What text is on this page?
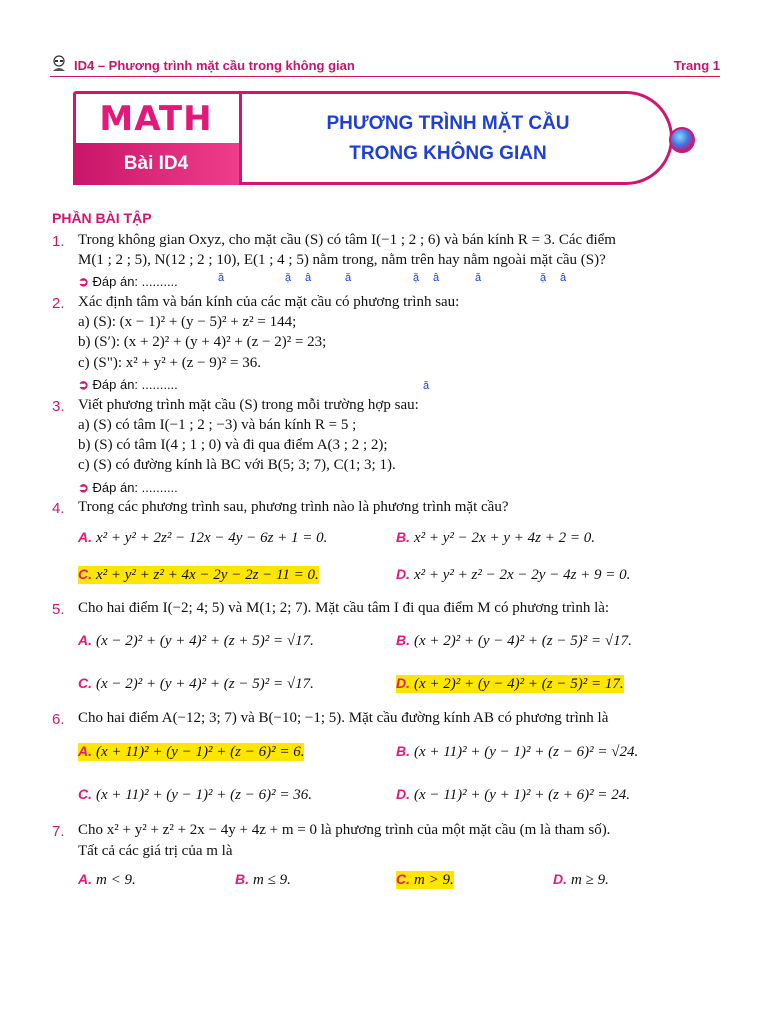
ID4 – Phương trình mặt cầu trong không gian	Trang 1
MATH
Bài ID4
PHƯƠNG TRÌNH MẶT CẦU
TRONG KHÔNG GIAN
PHẦN BÀI TẬP
1. Trong không gian Oxyz, cho mặt cầu (S) có tâm I(−1 ; 2 ; 6) và bán kính R = 3. Các điểm
M(1 ; 2 ; 5), N(12 ; 2 ; 10), E(1 ; 4 ; 5) nằm trong, nằm trên hay nằm ngoài mặt cầu (S)?
➲ Đáp án: ..........	ă	ặ â	ă	ặ â	ă	ặ â
2. Xác định tâm và bán kính của các mặt cầu có phương trình sau:
a) (S): (x − 1)² + (y − 5)² + z² = 144;
b) (S′): (x + 2)² + (y + 4)² + (z − 2)² = 23;
c) (S"): x² + y² + (z − 9)² = 36.
➲ Đáp án: ..........	ă
3. Viết phương trình mặt cầu (S) trong mỗi trường hợp sau:
a) (S) có tâm I(−1 ; 2 ; −3) và bán kính R = 5 ;
b) (S) có tâm I(4 ; 1 ; 0) và đi qua điểm A(3 ; 2 ; 2);
c) (S) có đường kính là BC với B(5; 3; 7), C(1; 3; 1).
➲ Đáp án: ..........
4. Trong các phương trình sau, phương trình nào là phương trình mặt cầu?
A. x² + y² + 2z² − 12x − 4y − 6z + 1 = 0.	B. x² + y² − 2x + y + 4z + 2 = 0.
C. x² + y² + z² + 4x − 2y − 2z − 11 = 0.	D. x² + y² + z² − 2x − 2y − 4z + 9 = 0.
5. Cho hai điểm I(−2; 4; 5) và M(1; 2; 7). Mặt cầu tâm I đi qua điểm M có phương trình là:
A. (x − 2)² + (y + 4)² + (z + 5)² = √17.	B. (x + 2)² + (y − 4)² + (z − 5)² = √17.
C. (x − 2)² + (y + 4)² + (z − 5)² = √17.	D. (x + 2)² + (y − 4)² + (z − 5)² = 17.
6. Cho hai điểm A(−12; 3; 7) và B(−10; −1; 5). Mặt cầu đường kính AB có phương trình là
A. (x + 11)² + (y − 1)² + (z − 6)² = 6.	B. (x + 11)² + (y − 1)² + (z − 6)² = √24.
C. (x + 11)² + (y − 1)² + (z − 6)² = 36.	D. (x − 11)² + (y + 1)² + (z + 6)² = 24.
7. Cho x² + y² + z² + 2x − 4y + 4z + m = 0 là phương trình của một mặt cầu (m là tham số).
Tất cả các giá trị của m là
A. m < 9.	B. m ≤ 9.	C. m > 9.	D. m ≥ 9.
